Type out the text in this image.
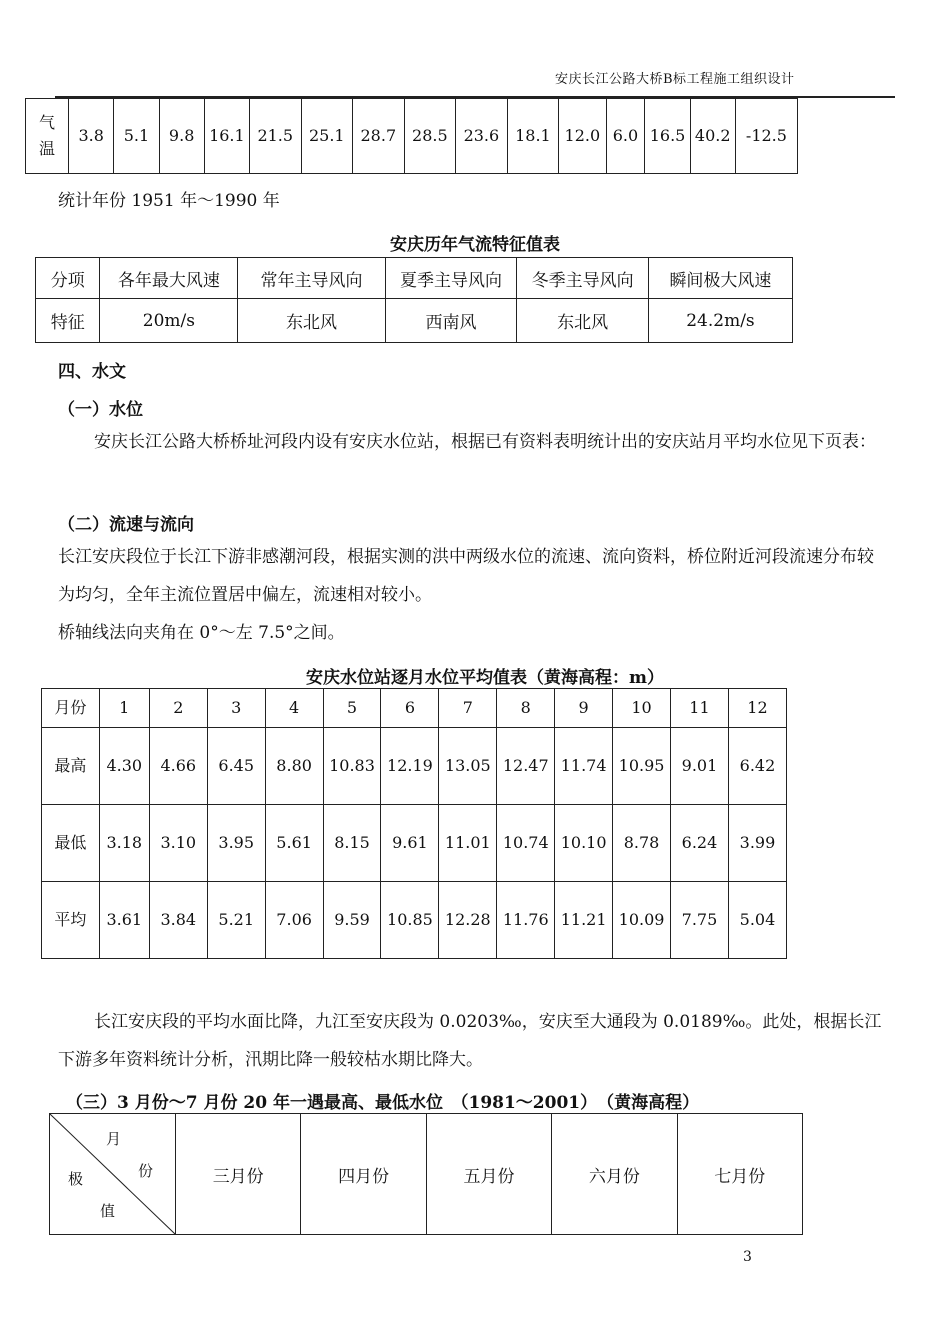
安庆长江公路大桥B标工程施工组织设计
气
温	3.8	5.1	9.8	16.1	21.5	25.1	28.7	28.5	23.6	18.1	12.0	6.0	16.5	40.2	-12.5
统计年份 1951 年～1990 年
安庆历年气流特征值表
分项	各年最大风速	常年主导风向	夏季主导风向	冬季主导风向	瞬间极大风速
特征	20m/s	东北风	西南风	东北风	24.2m/s
四、水文
（一）水位
安庆长江公路大桥桥址河段内设有安庆水位站，根据已有资料表明统计出的安庆站月平均水位见下页表：
（二）流速与流向
长江安庆段位于长江下游非感潮河段，根据实测的洪中两级水位的流速、流向资料，桥位附近河段流速分布较为均匀，全年主流位置居中偏左，流速相对较小。
桥轴线法向夹角在 0°～左 7.5°之间。
安庆水位站逐月水位平均值表（黄海高程：m）
月份	1	2	3	4	5	6	7	8	9	10	11	12
最高	4.30	4.66	6.45	8.80	10.83	12.19	13.05	12.47	11.74	10.95	9.01	6.42
最低	3.18	3.10	3.95	5.61	8.15	9.61	11.01	10.74	10.10	8.78	6.24	3.99
平均	3.61	3.84	5.21	7.06	9.59	10.85	12.28	11.76	11.21	10.09	7.75	5.04
长江安庆段的平均水面比降，九江至安庆段为 0.0203‰，安庆至大通段为 0.0189‰。此处，根据长江下游多年资料统计分析，汛期比降一般较枯水期比降大。
（三）3 月份～7 月份 20 年一遇最高、最低水位　（1981～2001）　（黄海高程）
月
份
极
值
	三月份	四月份	五月份	六月份	七月份
3
